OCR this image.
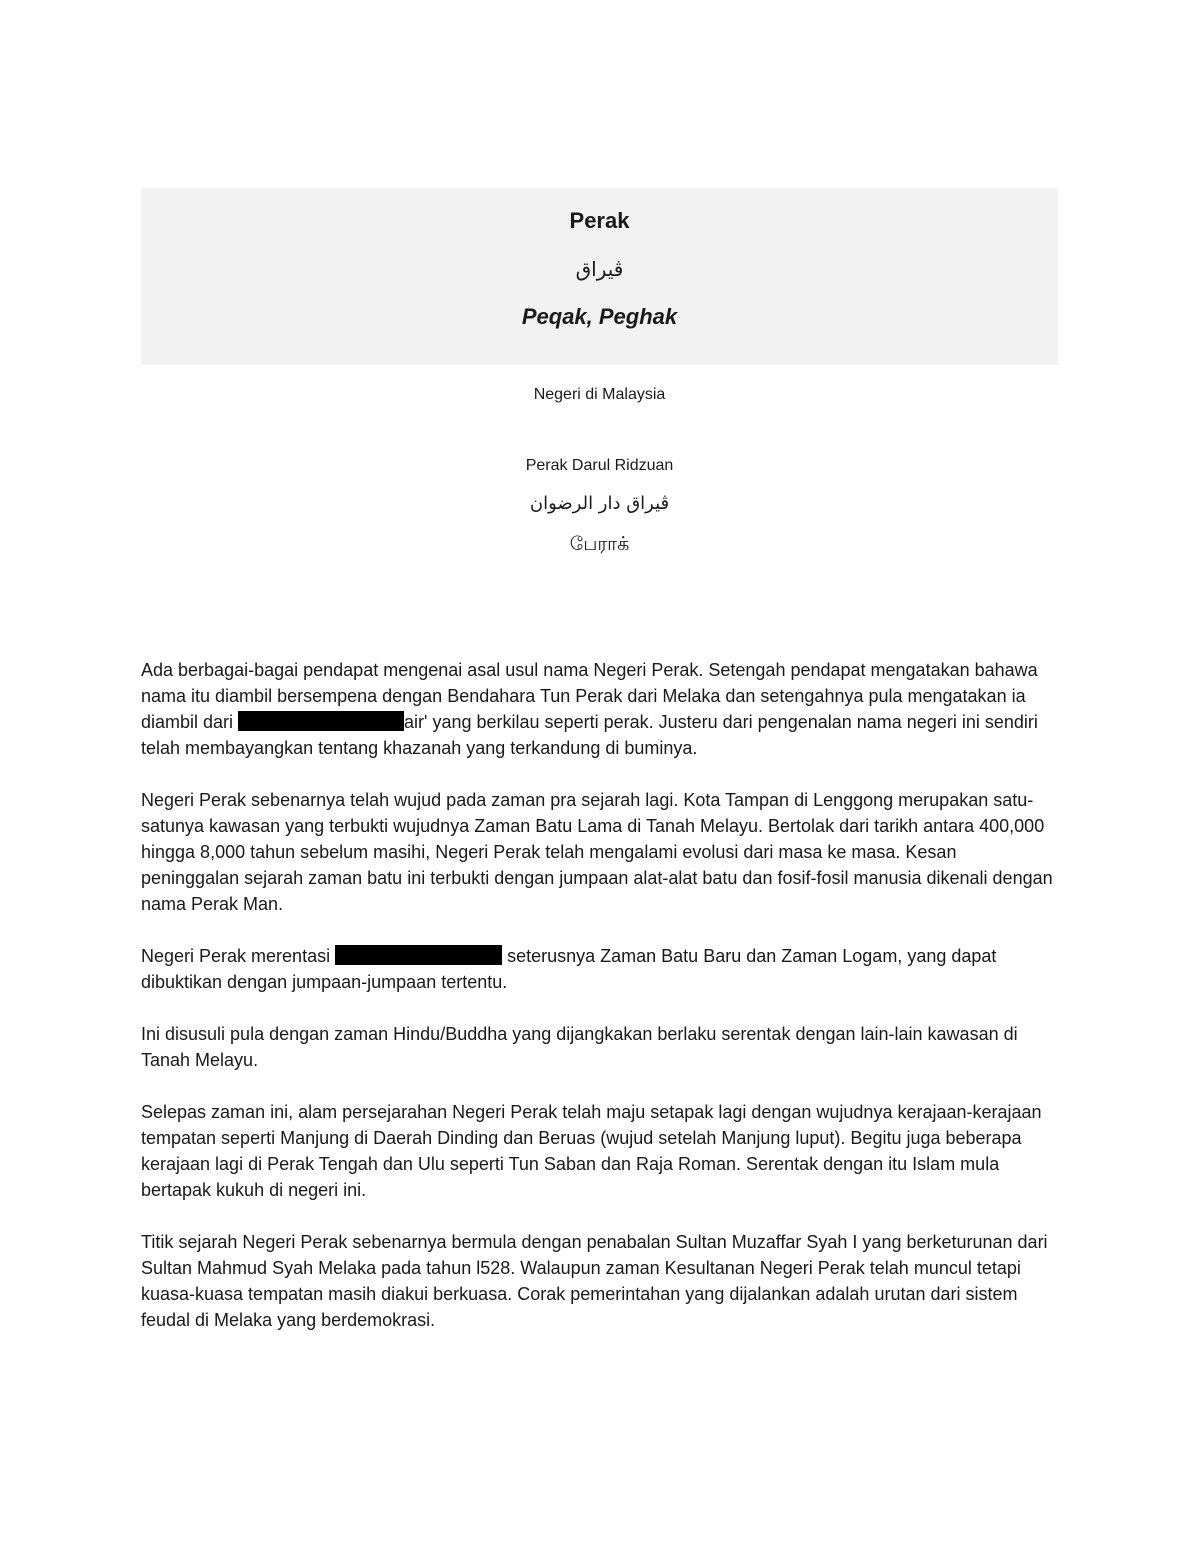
Perak
ڤيراق
Peqak, Peghak
Negeri di Malaysia
Perak Darul Ridzuan
ڤيراق دار الرضوان
பேராக்

Ada berbagai-bagai pendapat mengenai asal usul nama Negeri Perak. Setengah pendapat mengatakan bahawa nama itu diambil bersempena dengan Bendahara Tun Perak dari Melaka dan setengahnya pula mengatakan ia diambil dari	air' yang berkilau seperti perak. Justeru dari pengenalan nama negeri ini sendiri telah membayangkan tentang khazanah yang terkandung di buminya.

Negeri Perak sebenarnya telah wujud pada zaman pra sejarah lagi. Kota Tampan di Lenggong merupakan satu-satunya kawasan yang terbukti wujudnya Zaman Batu Lama di Tanah Melayu. Bertolak dari tarikh antara 400,000 hingga 8,000 tahun sebelum masihi, Negeri Perak telah mengalami evolusi dari masa ke masa. Kesan peninggalan sejarah zaman batu ini terbukti dengan jumpaan alat-alat batu dan fosif-fosil manusia dikenali dengan nama Perak Man.

Negeri Perak merentasi	seterusnya Zaman Batu Baru dan Zaman Logam, yang dapat dibuktikan dengan jumpaan-jumpaan tertentu.

Ini disusuli pula dengan zaman Hindu/Buddha yang dijangkakan berlaku serentak dengan lain-lain kawasan di Tanah Melayu.

Selepas zaman ini, alam persejarahan Negeri Perak telah maju setapak lagi dengan wujudnya kerajaan-kerajaan tempatan seperti Manjung di Daerah Dinding dan Beruas (wujud setelah Manjung luput). Begitu juga beberapa kerajaan lagi di Perak Tengah dan Ulu seperti Tun Saban dan Raja Roman. Serentak dengan itu Islam mula bertapak kukuh di negeri ini.

Titik sejarah Negeri Perak sebenarnya bermula dengan penabalan Sultan Muzaffar Syah I yang berketurunan dari Sultan Mahmud Syah Melaka pada tahun l528. Walaupun zaman Kesultanan Negeri Perak telah muncul tetapi kuasa-kuasa tempatan masih diakui berkuasa. Corak pemerintahan yang dijalankan adalah urutan dari sistem feudal di Melaka yang berdemokrasi.
